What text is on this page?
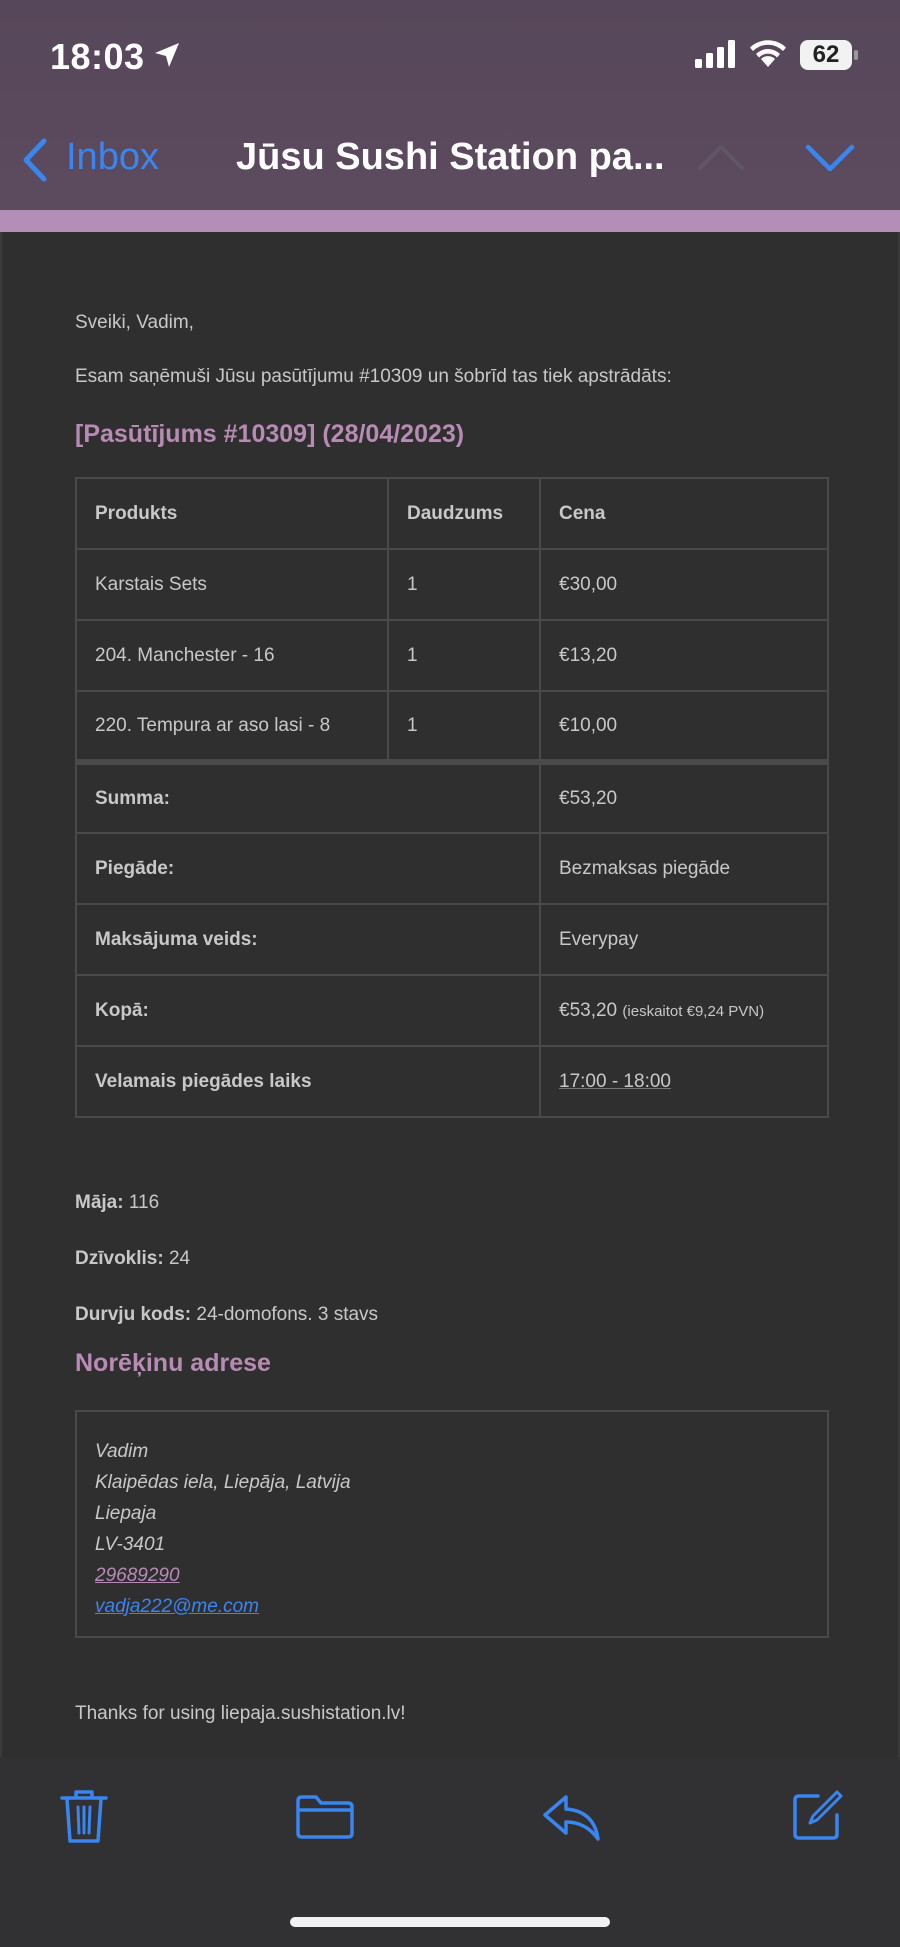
18:03	62
Inbox Jūsu Sushi Station pa...
Sveiki, Vadim,
Esam saņēmuši Jūsu pasūtījumu #10309 un šobrīd tas tiek apstrādāts:
[Pasūtījums #10309] (28/04/2023)
Produkts	Daudzums	Cena
Karstais Sets	1	€30,00
204. Manchester - 16	1	€13,20
220. Tempura ar aso lasi - 8	1	€10,00
Summa:		€53,20
Piegāde:		Bezmaksas piegāde
Maksājuma veids:		Everypay
Kopā:		€53,20 (ieskaitot €9,24 PVN)
Velamais piegādes laiks		17:00 - 18:00
Māja: 116
Dzīvoklis: 24
Durvju kods: 24-domofons. 3 stavs
Norēķinu adrese
Vadim
Klaipēdas iela, Liepāja, Latvija
Liepaja
LV-3401
29689290
vadja222@me.com
Thanks for using liepaja.sushistation.lv!
